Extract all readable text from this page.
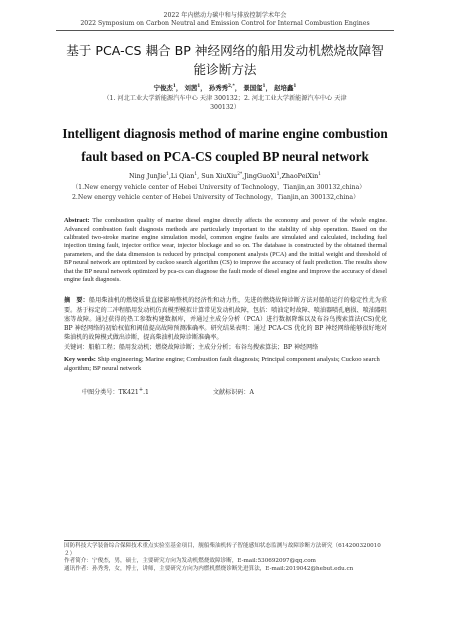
2022 年内燃动力碳中和与排放控制学术年会
2022 Symposium on Carbon Neutral and Emission Control for Internal Combustion Engines
基于 PCA-CS 耦合 BP 神经网络的船用发动机燃烧故障智能诊断方法
宁俊杰$^1$， 刘茜$^1$， 孙秀秀$^{2,*}$， 景国玺$^1$， 赵培鑫$^1$
（1. 河北工业大学新能源汽车中心 天津 300132；2. 河北工业大学新能源汽车中心 天津 300132）
Intelligent diagnosis method of marine engine combustion fault based on PCA-CS coupled BP neural network
Ning JunJie$^1$,Li Qian$^1$, Sun XiuXiu$^{2*}$,JingGuoXi$^1$,ZhaoPeiXin$^1$
（1.New energy vehicle center of Hebei University of Technology，Tianjin,an 300132,china）
2.New energy vehicle center of Hebei University of Technology，Tianjin,an 300132,china）
Abstract: The combustion quality of marine diesel engine directly affects the economy and power of the whole engine. Advanced combustion fault diagnosis methods are particularly important to the stability of ship operation. Based on the calibrated two-stroke marine engine simulation model, common engine faults are simulated and calculated, including fuel injection timing fault, injector orifice wear, injector blockage and so on. The database is constructed by the obtained thermal parameters, and the data dimension is reduced by principal component analysis (PCA) and the initial weight and threshold of BP neural network are optimized by cuckoo search algorithm (CS) to improve the accuracy of fault prediction. The results show that the BP neural network optimized by pca-cs can diagnose the fault mode of diesel engine and improve the accuracy of diesel engine fault diagnosis.
摘　要：船用柴油机的燃烧质量直接影响整机的经济性和动力性，先进的燃烧故障诊断方法对船舶运行的稳定性尤为重要。基于标定的二冲程船用发动机仿真模型模拟计算常见发动机故障，包括：喷油定时故障、喷油器喷孔磨损、喷油器阻塞等故障。通过获得的热工参数构建数据库，并通过主成分分析（PCA）进行数据降维以及布谷鸟搜索算法(CS)优化 BP 神经网络的初始权值和阈值提高故障预测准确率。研究结果表明：通过 PCA-CS 优化的 BP 神经网络能够很好地对柴油机的故障模式做出诊断，提高柴油机故障诊断准确率。
关键词：船舶工程；船用发动机；燃烧故障诊断；主成分分析；布谷鸟搜索算法；BP 神经网络
Key words: Ship engineering; Marine engine; Combustion fault diagnosis; Principal component analysis; Cuckoo search algorithm; BP neural network
中图分类号：TK421+.1	文献标识码：A
国防科技大学装备综合保障技术重点实验室基金项目，舰船柴油机转子智能感知状态监测与故障诊断方法研究（614200320010２）
作者简介：宁俊杰，男，硕士，主要研究方向为发动机燃烧故障诊断，E-mail:530692097@qq.com
通讯作者：孙秀秀，女，博士，讲师，主要研究方向为内燃机燃烧诊断先进算法，E-mail:2019042@hebut.edu.cn
